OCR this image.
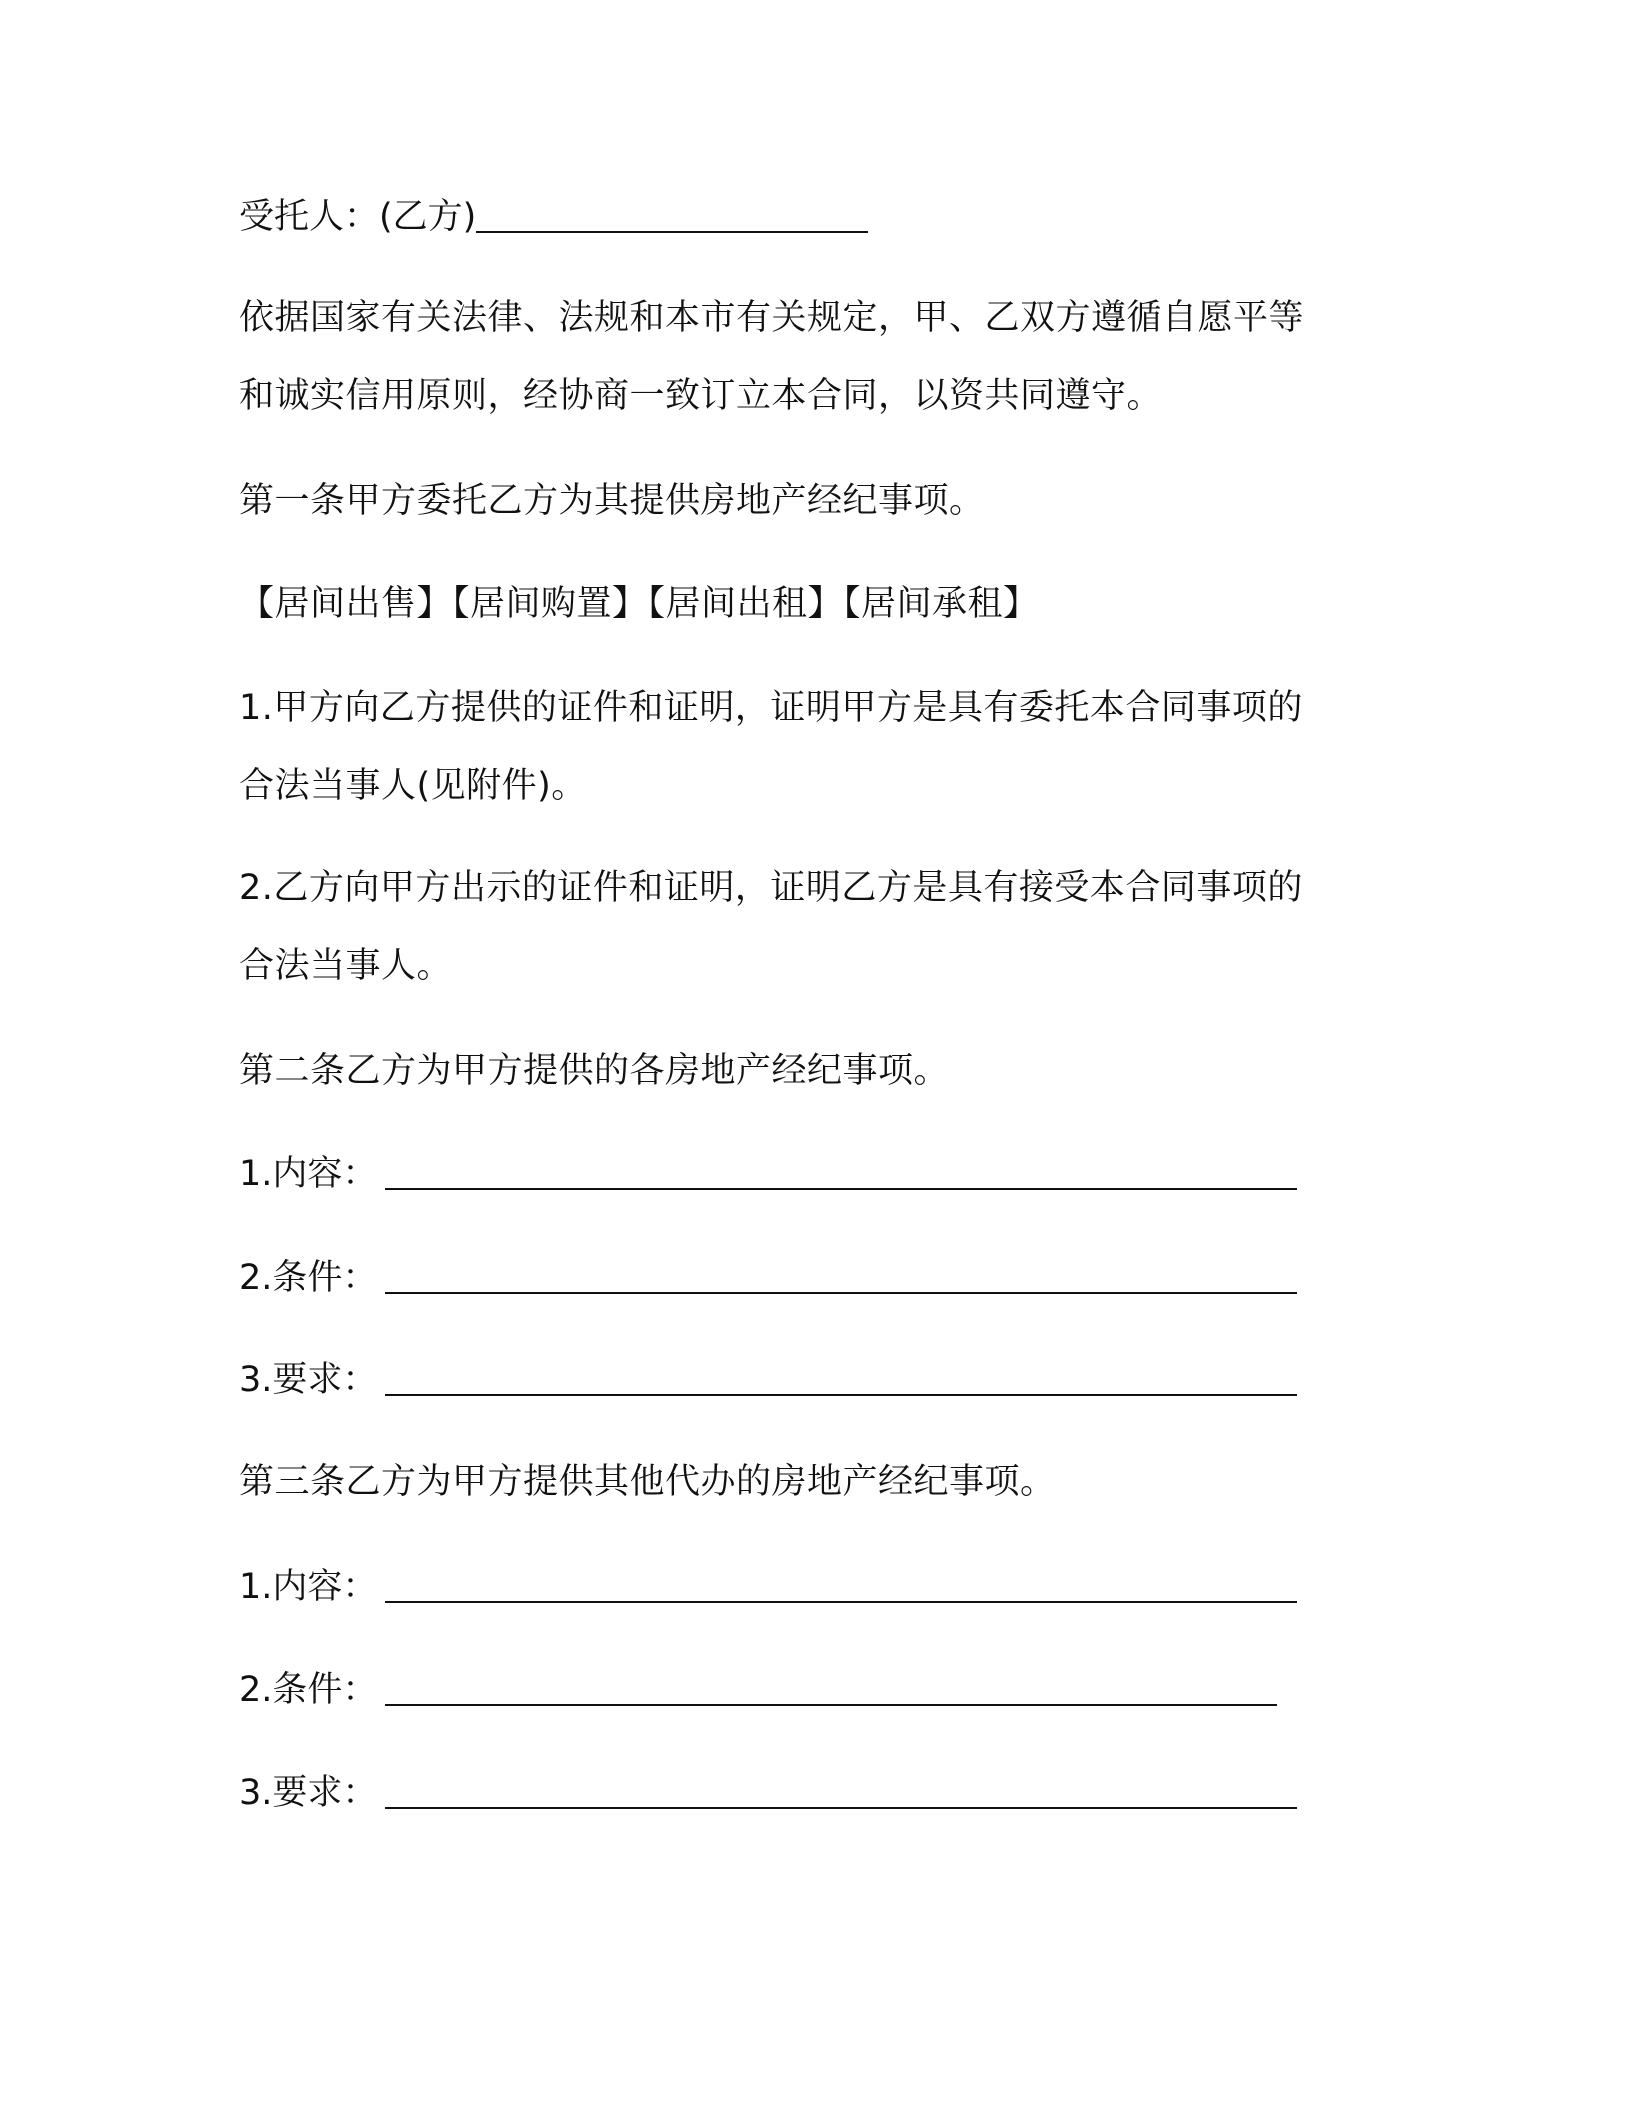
受托人：(乙方)
依据国家有关法律、法规和本市有关规定，甲、乙双方遵循自愿平等
和诚实信用原则，经协商一致订立本合同，以资共同遵守。
第一条甲方委托乙方为其提供房地产经纪事项。
【居间出售】【居间购置】【居间出租】【居间承租】
1.甲方向乙方提供的证件和证明，证明甲方是具有委托本合同事项的
合法当事人(见附件)。
2.乙方向甲方出示的证件和证明，证明乙方是具有接受本合同事项的
合法当事人。
第二条乙方为甲方提供的各房地产经纪事项。
1.内容：
2.条件：
3.要求：
第三条乙方为甲方提供其他代办的房地产经纪事项。
1.内容：
2.条件：
3.要求：
